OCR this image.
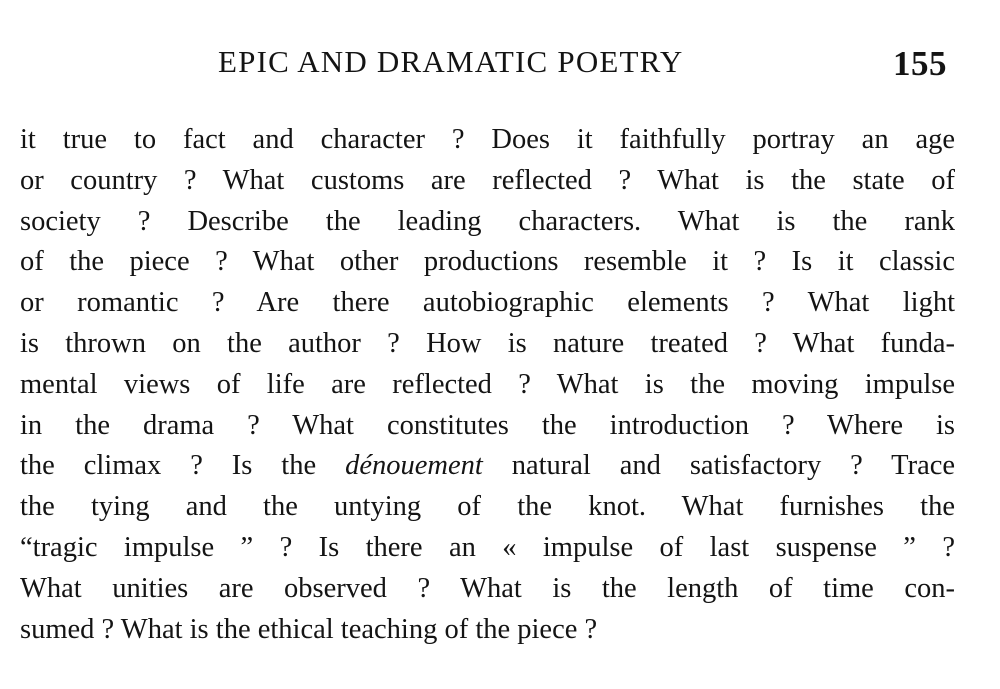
EPIC AND DRAMATIC POETRY	155
it true to fact and character ? Does it faithfully portray an age
or country ? What customs are reflected ? What is the state of
society ? Describe the leading characters. What is the rank
of the piece ? What other productions resemble it ? Is it classic
or romantic ? Are there autobiographic elements ? What light
is thrown on the author ? How is nature treated ? What funda-
mental views of life are reflected ? What is the moving impulse
in the drama ? What constitutes the introduction ? Where is
the climax ? Is the dénouement natural and satisfactory ? Trace
the tying and the untying of the knot. What furnishes the
“tragic impulse ” ? Is there an « impulse of last suspense ” ?
What unities are observed ? What is the length of time con-
sumed ? What is the ethical teaching of the piece ?
